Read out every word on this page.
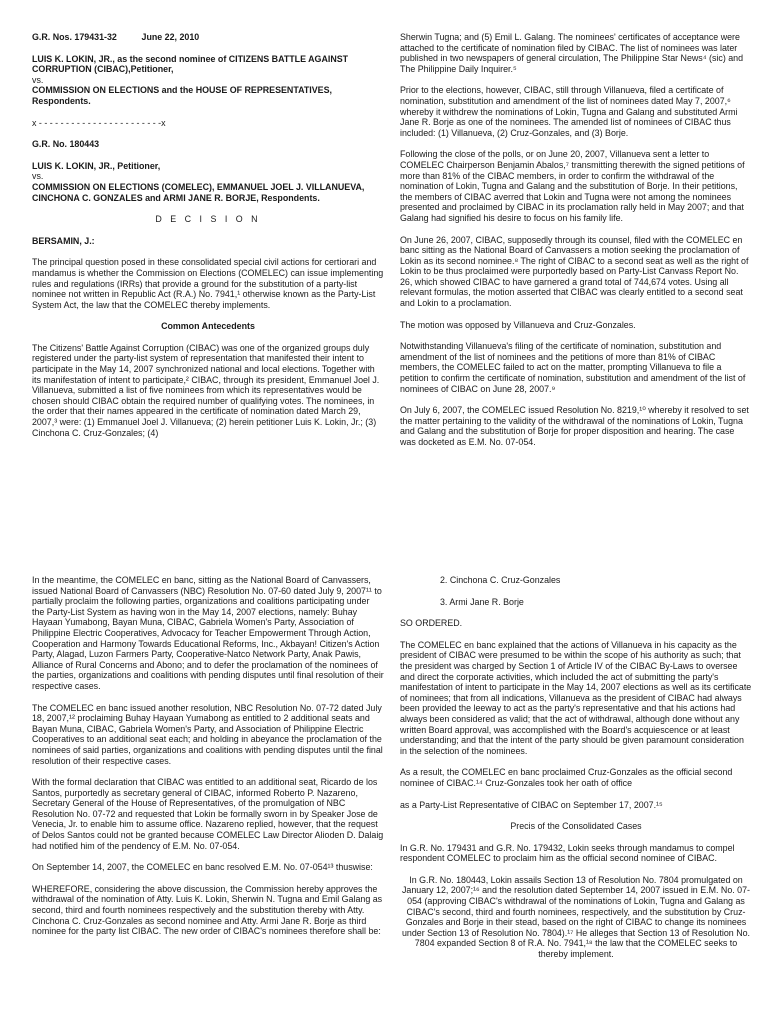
G.R. Nos. 179431-32          June 22, 2010
LUIS K. LOKIN, JR., as the second nominee of CITIZENS BATTLE AGAINST CORRUPTION (CIBAC),Petitioner,
vs.
COMMISSION ON ELECTIONS and the HOUSE OF REPRESENTATIVES, Respondents.
x - - - - - - - - - - - - - - - - - - - - - - -x
G.R. No. 180443
LUIS K. LOKIN, JR., Petitioner,
vs.
COMMISSION ON ELECTIONS (COMELEC), EMMANUEL JOEL J. VILLANUEVA, CINCHONA C. GONZALES and ARMI JANE R. BORJE, Respondents.
D E C I S I O N
BERSAMIN, J.:
The principal question posed in these consolidated special civil actions for certiorari and mandamus is whether the Commission on Elections (COMELEC) can issue implementing rules and regulations (IRRs) that provide a ground for the substitution of a party-list nominee not written in Republic Act (R.A.) No. 7941,¹ otherwise known as the Party-List System Act, the law that the COMELEC thereby implements.
Common Antecedents
The Citizens' Battle Against Corruption (CIBAC) was one of the organized groups duly registered under the party-list system of representation that manifested their intent to participate in the May 14, 2007 synchronized national and local elections. Together with its manifestation of intent to participate,² CIBAC, through its president, Emmanuel Joel J. Villanueva, submitted a list of five nominees from which its representatives would be chosen should CIBAC obtain the required number of qualifying votes. The nominees, in the order that their names appeared in the certificate of nomination dated March 29, 2007,³ were: (1) Emmanuel Joel J. Villanueva; (2) herein petitioner Luis K. Lokin, Jr.; (3) Cinchona C. Cruz-Gonzales; (4)
Sherwin Tugna; and (5) Emil L. Galang. The nominees' certificates of acceptance were attached to the certificate of nomination filed by CIBAC. The list of nominees was later published in two newspapers of general circulation, The Philippine Star News⁴ (sic) and The Philippine Daily Inquirer.⁵
Prior to the elections, however, CIBAC, still through Villanueva, filed a certificate of nomination, substitution and amendment of the list of nominees dated May 7, 2007,⁶ whereby it withdrew the nominations of Lokin, Tugna and Galang and substituted Armi Jane R. Borje as one of the nominees. The amended list of nominees of CIBAC thus included: (1) Villanueva, (2) Cruz-Gonzales, and (3) Borje.
Following the close of the polls, or on June 20, 2007, Villanueva sent a letter to COMELEC Chairperson Benjamin Abalos,⁷ transmitting therewith the signed petitions of more than 81% of the CIBAC members, in order to confirm the withdrawal of the nomination of Lokin, Tugna and Galang and the substitution of Borje. In their petitions, the members of CIBAC averred that Lokin and Tugna were not among the nominees presented and proclaimed by CIBAC in its proclamation rally held in May 2007; and that Galang had signified his desire to focus on his family life.
On June 26, 2007, CIBAC, supposedly through its counsel, filed with the COMELEC en banc sitting as the National Board of Canvassers a motion seeking the proclamation of Lokin as its second nominee.⁸ The right of CIBAC to a second seat as well as the right of Lokin to be thus proclaimed were purportedly based on Party-List Canvass Report No. 26, which showed CIBAC to have garnered a grand total of 744,674 votes. Using all relevant formulas, the motion asserted that CIBAC was clearly entitled to a second seat and Lokin to a proclamation.
The motion was opposed by Villanueva and Cruz-Gonzales.
Notwithstanding Villanueva's filing of the certificate of nomination, substitution and amendment of the list of nominees and the petitions of more than 81% of CIBAC members, the COMELEC failed to act on the matter, prompting Villanueva to file a petition to confirm the certificate of nomination, substitution and amendment of the list of nominees of CIBAC on June 28, 2007.⁹
On July 6, 2007, the COMELEC issued Resolution No. 8219,¹⁰ whereby it resolved to set the matter pertaining to the validity of the withdrawal of the nominations of Lokin, Tugna and Galang and the substitution of Borje for proper disposition and hearing. The case was docketed as E.M. No. 07-054.
In the meantime, the COMELEC en banc, sitting as the National Board of Canvassers, issued National Board of Canvassers (NBC) Resolution No. 07-60 dated July 9, 2007¹¹ to partially proclaim the following parties, organizations and coalitions participating under the Party-List System as having won in the May 14, 2007 elections, namely: Buhay Hayaan Yumabong, Bayan Muna, CIBAC, Gabriela Women's Party, Association of Philippine Electric Cooperatives, Advocacy for Teacher Empowerment Through Action, Cooperation and Harmony Towards Educational Reforms, Inc., Akbayan! Citizen's Action Party, Alagad, Luzon Farmers Party, Cooperative-Natco Network Party, Anak Pawis, Alliance of Rural Concerns and Abono; and to defer the proclamation of the nominees of the parties, organizations and coalitions with pending disputes until final resolution of their respective cases.
The COMELEC en banc issued another resolution, NBC Resolution No. 07-72 dated July 18, 2007,¹² proclaiming Buhay Hayaan Yumabong as entitled to 2 additional seats and Bayan Muna, CIBAC, Gabriela Women's Party, and Association of Philippine Electric Cooperatives to an additional seat each; and holding in abeyance the proclamation of the nominees of said parties, organizations and coalitions with pending disputes until the final resolution of their respective cases.
With the formal declaration that CIBAC was entitled to an additional seat, Ricardo de los Santos, purportedly as secretary general of CIBAC, informed Roberto P. Nazareno, Secretary General of the House of Representatives, of the promulgation of NBC Resolution No. 07-72 and requested that Lokin be formally sworn in by Speaker Jose de Venecia, Jr. to enable him to assume office. Nazareno replied, however, that the request of Delos Santos could not be granted because COMELEC Law Director Alioden D. Dalaig had notified him of the pendency of E.M. No. 07-054.
On September 14, 2007, the COMELEC en banc resolved E.M. No. 07-054¹³ thuswise:
WHEREFORE, considering the above discussion, the Commission hereby approves the withdrawal of the nomination of Atty. Luis K. Lokin, Sherwin N. Tugna and Emil Galang as second, third and fourth nominees respectively and the substitution thereby with Atty. Cinchona C. Cruz-Gonzales as second nominee and Atty. Armi Jane R. Borje as third nominee for the party list CIBAC. The new order of CIBAC's nominees therefore shall be:
2. Cinchona C. Cruz-Gonzales
3. Armi Jane R. Borje
SO ORDERED.
The COMELEC en banc explained that the actions of Villanueva in his capacity as the president of CIBAC were presumed to be within the scope of his authority as such; that the president was charged by Section 1 of Article IV of the CIBAC By-Laws to oversee and direct the corporate activities, which included the act of submitting the party's manifestation of intent to participate in the May 14, 2007 elections as well as its certificate of nominees; that from all indications, Villanueva as the president of CIBAC had always been provided the leeway to act as the party's representative and that his actions had always been considered as valid; that the act of withdrawal, although done without any written Board approval, was accomplished with the Board's acquiescence or at least understanding; and that the intent of the party should be given paramount consideration in the selection of the nominees.
As a result, the COMELEC en banc proclaimed Cruz-Gonzales as the official second nominee of CIBAC.¹⁴ Cruz-Gonzales took her oath of office
as a Party-List Representative of CIBAC on September 17, 2007.¹⁵
Precis of the Consolidated Cases
In G.R. No. 179431 and G.R. No. 179432, Lokin seeks through mandamus to compel respondent COMELEC to proclaim him as the official second nominee of CIBAC.
In G.R. No. 180443, Lokin assails Section 13 of Resolution No. 7804 promulgated on January 12, 2007;¹⁶ and the resolution dated September 14, 2007 issued in E.M. No. 07-054 (approving CIBAC's withdrawal of the nominations of Lokin, Tugna and Galang as CIBAC's second, third and fourth nominees, respectively, and the substitution by Cruz-Gonzales and Borje in their stead, based on the right of CIBAC to change its nominees under Section 13 of Resolution No. 7804).¹⁷ He alleges that Section 13 of Resolution No. 7804 expanded Section 8 of R.A. No. 7941,¹⁸ the law that the COMELEC seeks to thereby implement.
